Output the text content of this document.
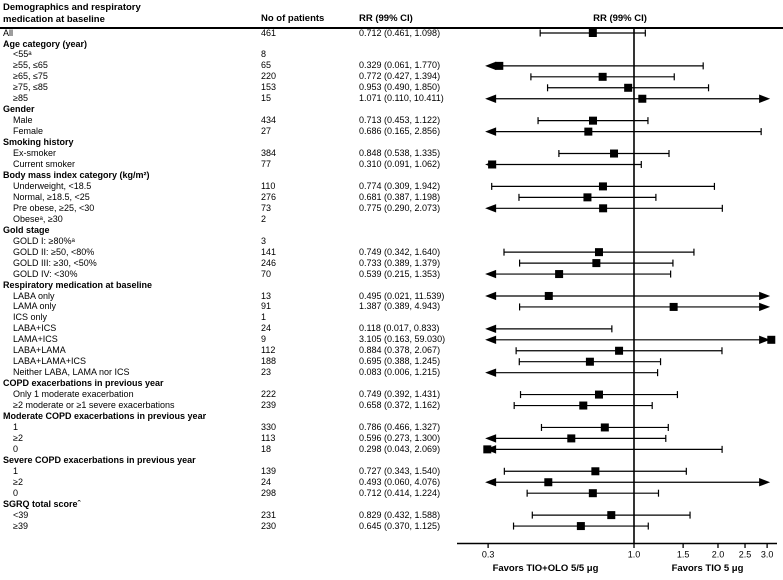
Demographics and respiratory
medication at baseline	No of patients	RR (99% CI)	RR (99% CI)
All	461	0.712 (0.461, 1.098)
Age category (year)
<55ᵃ	8
≥55, ≤65	65	0.329 (0.061, 1.770)
≥65, ≤75	220	0.772 (0.427, 1.394)
≥75, ≤85	153	0.953 (0.490, 1.850)
≥85	15	1.071 (0.110, 10.411)
Gender
Male	434	0.713 (0.453, 1.122)
Female	27	0.686 (0.165, 2.856)
Smoking history
Ex-smoker	384	0.848 (0.538, 1.335)
Current smoker	77	0.310 (0.091, 1.062)
Body mass index category (kg/m²)
Underweight, <18.5	110	0.774 (0.309, 1.942)
Normal, ≥18.5, <25	276	0.681 (0.387, 1.198)
Pre obese, ≥25, <30	73	0.775 (0.290, 2.073)
Obeseᵃ, ≥30	2
Gold stage
GOLD I: ≥80%ᵃ	3
GOLD II: ≥50, <80%	141	0.749 (0.342, 1.640)
GOLD III: ≥30, <50%	246	0.733 (0.389, 1.379)
GOLD IV: <30%	70	0.539 (0.215, 1.353)
Respiratory medication at baseline
LABA only	13	0.495 (0.021, 11.539)
LAMA only	91	1.387 (0.389, 4.943)
ICS only	1
LABA+ICS	24	0.118 (0.017, 0.833)
LAMA+ICS	9	3.105 (0.163, 59.030)
LABA+LAMA	112	0.884 (0.378, 2.067)
LABA+LAMA+ICS	188	0.695 (0.388, 1.245)
Neither LABA, LAMA nor ICS	23	0.083 (0.006, 1.215)
COPD exacerbations in previous year
Only 1 moderate exacerbation	222	0.749 (0.392, 1.431)
≥2 moderate or ≥1 severe exacerbations	239	0.658 (0.372, 1.162)
Moderate COPD exacerbations in previous year
1	330	0.786 (0.466, 1.327)
≥2	113	0.596 (0.273, 1.300)
0	18	0.298 (0.043, 2.069)
Severe COPD exacerbations in previous year
1	139	0.727 (0.343, 1.540)
≥2	24	0.493 (0.060, 4.076)
0	298	0.712 (0.414, 1.224)
SGRQ total scoreˆ
<39	231	0.829 (0.432, 1.588)
≥39	230	0.645 (0.370, 1.125)
0.3	1.0	1.5 2.0 2.5 3.0
Favors TIO+OLO 5/5 μg	Favors TIO 5 μg
